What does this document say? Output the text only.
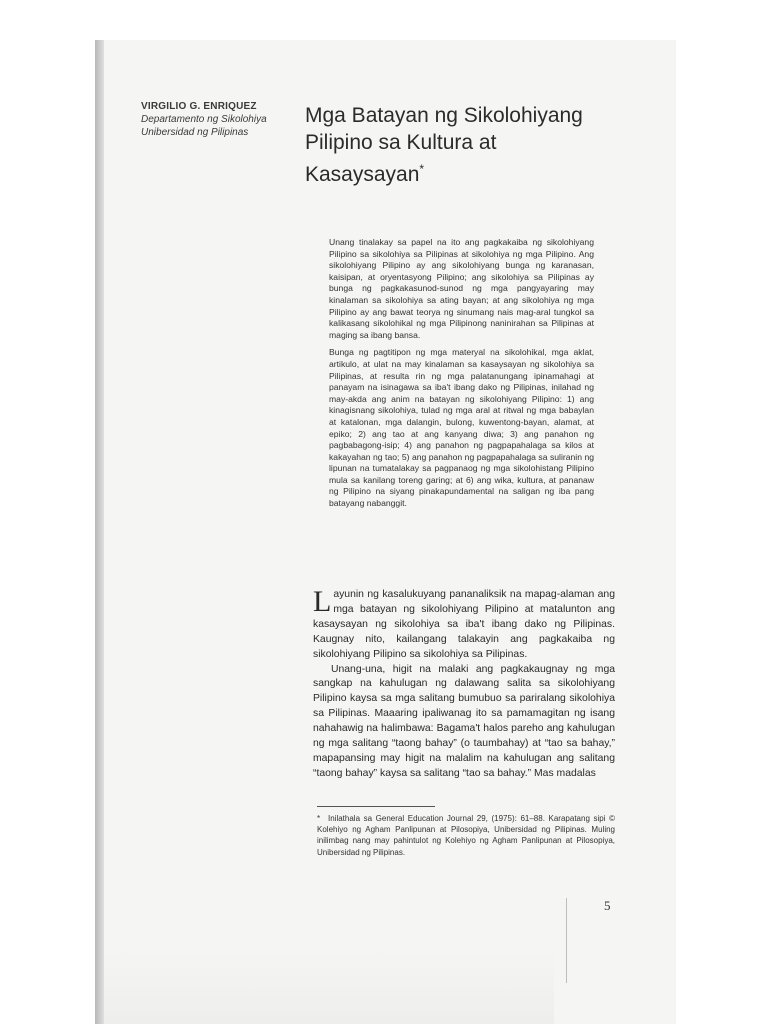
VIRGILIO G. ENRIQUEZ
Departamento ng Sikolohiya
Unibersidad ng Pilipinas
Mga Batayan ng Sikolohiyang
Pilipino sa Kultura at
Kasaysayan*

Unang tinalakay sa papel na ito ang pagkakaiba ng sikolohiyang Pilipino sa sikolohiya sa Pilipinas at sikolohiya ng mga Pilipino. Ang sikolohiyang Pilipino ay ang sikolohiyang bunga ng karanasan, kaisipan, at oryentasyong Pilipino; ang sikolohiya sa Pilipinas ay bunga ng pagkakasunod-sunod ng mga pangyayaring may kinalaman sa sikolohiya sa ating bayan; at ang sikolohiya ng mga Pilipino ay ang bawat teorya ng sinumang nais mag-aral tungkol sa kalikasang sikolohikal ng mga Pilipinong naninirahan sa Pilipinas at maging sa ibang bansa.

Bunga ng pagtitipon ng mga materyal na sikolohikal, mga aklat, artikulo, at ulat na may kinalaman sa kasaysayan ng sikolohiya sa Pilipinas, at resulta rin ng mga palatanungang ipinamahagi at panayam na isinagawa sa iba't ibang dako ng Pilipinas, inilahad ng may-akda ang anim na batayan ng sikolohiyang Pilipino: 1) ang kinagisnang sikolohiya, tulad ng mga aral at ritwal ng mga babaylan at katalonan, mga dalangin, bulong, kuwentong-bayan, alamat, at epiko; 2) ang tao at ang kanyang diwa; 3) ang panahon ng pagbabagong-isip; 4) ang panahon ng pagpapahalaga sa kilos at kakayahan ng tao; 5) ang panahon ng pagpapahalaga sa suliranin ng lipunan na tumatalakay sa pagpanaog ng mga sikolohistang Pilipino mula sa kanilang toreng garing; at 6) ang wika, kultura, at pananaw ng Pilipino na siyang pinakapundamental na saligan ng iba pang batayang nabanggit.

Layunin ng kasalukuyang pananaliksik na mapag-alaman ang mga batayan ng sikolohiyang Pilipino at matalunton ang kasaysayan ng sikolohiya sa iba't ibang dako ng Pilipinas. Kaugnay nito, kailangang talakayin ang pagkakaiba ng sikolohiyang Pilipino sa sikolohiya sa Pilipinas.

Unang-una, higit na malaki ang pagkakaugnay ng mga sangkap na kahulugan ng dalawang salita sa sikolohiyang Pilipino kaysa sa mga salitang bumubuo sa pariralang sikolohiya sa Pilipinas. Maaaring ipaliwanag ito sa pamamagitan ng isang nahahawig na halimbawa: Bagama't halos pareho ang kahulugan ng mga salitang “taong bahay” (o taumbahay) at “tao sa bahay,” mapapansing may higit na malalim na kahulugan ang salitang “taong bahay” kaysa sa salitang “tao sa bahay.” Mas madalas

* Inilathala sa General Education Journal 29, (1975): 61–88. Karapatang sipi © Kolehiyo ng Agham Panlipunan at Pilosopiya, Unibersidad ng Pilipinas. Muling inilimbag nang may pahintulot ng Kolehiyo ng Agham Panlipunan at Pilosopiya, Unibersidad ng Pilipinas.
5
